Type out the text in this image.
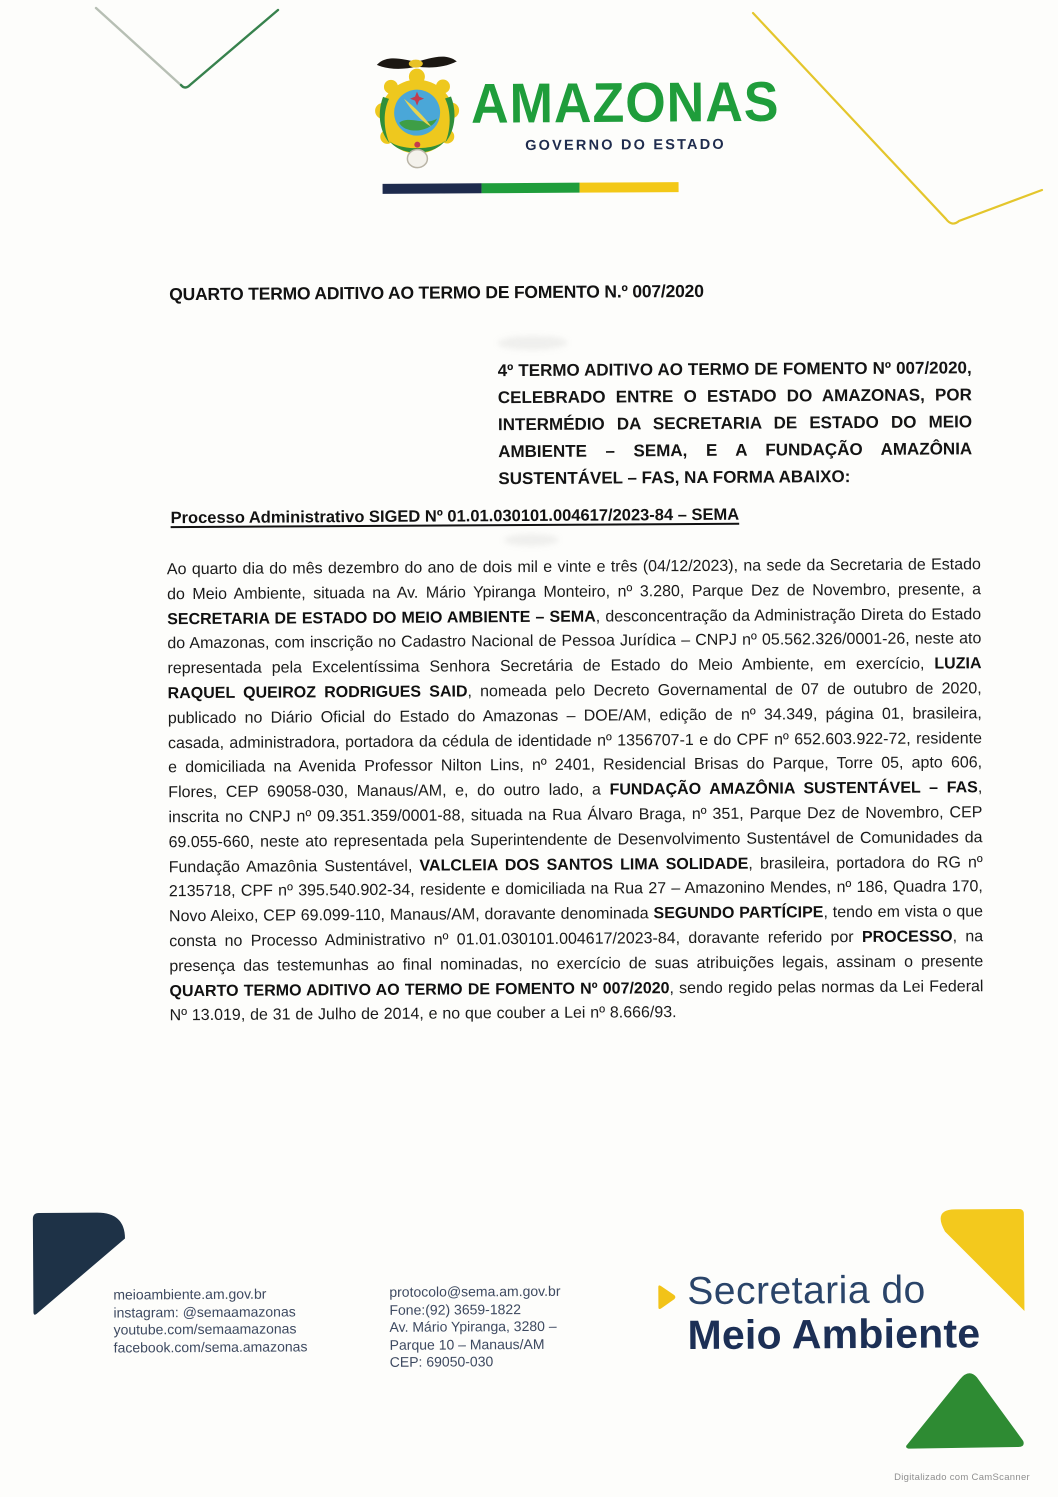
AMAZONAS
GOVERNO DO ESTADO
QUARTO TERMO ADITIVO AO TERMO DE FOMENTO N.º 007/2020

4º TERMO ADITIVO AO TERMO DE FOMENTO Nº 007/2020, CELEBRADO ENTRE O ESTADO DO AMAZONAS, POR INTERMÉDIO DA SECRETARIA DE ESTADO DO MEIO AMBIENTE – SEMA, E A FUNDAÇÃO AMAZÔNIA SUSTENTÁVEL – FAS, NA FORMA ABAIXO:

Processo Administrativo SIGED Nº 01.01.030101.004617/2023-84 – SEMA

Ao quarto dia do mês dezembro do ano de dois mil e vinte e três (04/12/2023), na sede da Secretaria de Estado do Meio Ambiente, situada na Av. Mário Ypiranga Monteiro, nº 3.280, Parque Dez de Novembro, presente, a SECRETARIA DE ESTADO DO MEIO AMBIENTE – SEMA, desconcentração da Administração Direta do Estado do Amazonas, com inscrição no Cadastro Nacional de Pessoa Jurídica – CNPJ nº 05.562.326/0001-26, neste ato representada pela Excelentíssima Senhora Secretária de Estado do Meio Ambiente, em exercício, LUZIA RAQUEL QUEIROZ RODRIGUES SAID, nomeada pelo Decreto Governamental de 07 de outubro de 2020, publicado no Diário Oficial do Estado do Amazonas – DOE/AM, edição de nº 34.349, página 01, brasileira, casada, administradora, portadora da cédula de identidade nº 1356707-1 e do CPF nº 652.603.922-72, residente e domiciliada na Avenida Professor Nilton Lins, nº 2401, Residencial Brisas do Parque, Torre 05, apto 606, Flores, CEP 69058-030, Manaus/AM, e, do outro lado, a FUNDAÇÃO AMAZÔNIA SUSTENTÁVEL – FAS, inscrita no CNPJ nº 09.351.359/0001-88, situada na Rua Álvaro Braga, nº 351, Parque Dez de Novembro, CEP 69.055-660, neste ato representada pela Superintendente de Desenvolvimento Sustentável de Comunidades da Fundação Amazônia Sustentável, VALCLEIA DOS SANTOS LIMA SOLIDADE, brasileira, portadora do RG nº 2135718, CPF nº 395.540.902-34, residente e domiciliada na Rua 27 – Amazonino Mendes, nº 186, Quadra 170, Novo Aleixo, CEP 69.099-110, Manaus/AM, doravante denominada SEGUNDO PARTÍCIPE, tendo em vista o que consta no Processo Administrativo nº 01.01.030101.004617/2023-84, doravante referido por PROCESSO, na presença das testemunhas ao final nominadas, no exercício de suas atribuições legais, assinam o presente QUARTO TERMO ADITIVO AO TERMO DE FOMENTO Nº 007/2020, sendo regido pelas normas da Lei Federal Nº 13.019, de 31 de Julho de 2014, e no que couber a Lei nº 8.666/93.

meioambiente.am.gov.br
instagram: @semaamazonas
youtube.com/semaamazonas
facebook.com/sema.amazonas
protocolo@sema.am.gov.br
Fone:(92) 3659-1822
Av. Mário Ypiranga, 3280 –
Parque 10 – Manaus/AM
CEP: 69050-030
Secretaria do
Meio Ambiente
Digitalizado com CamScanner
